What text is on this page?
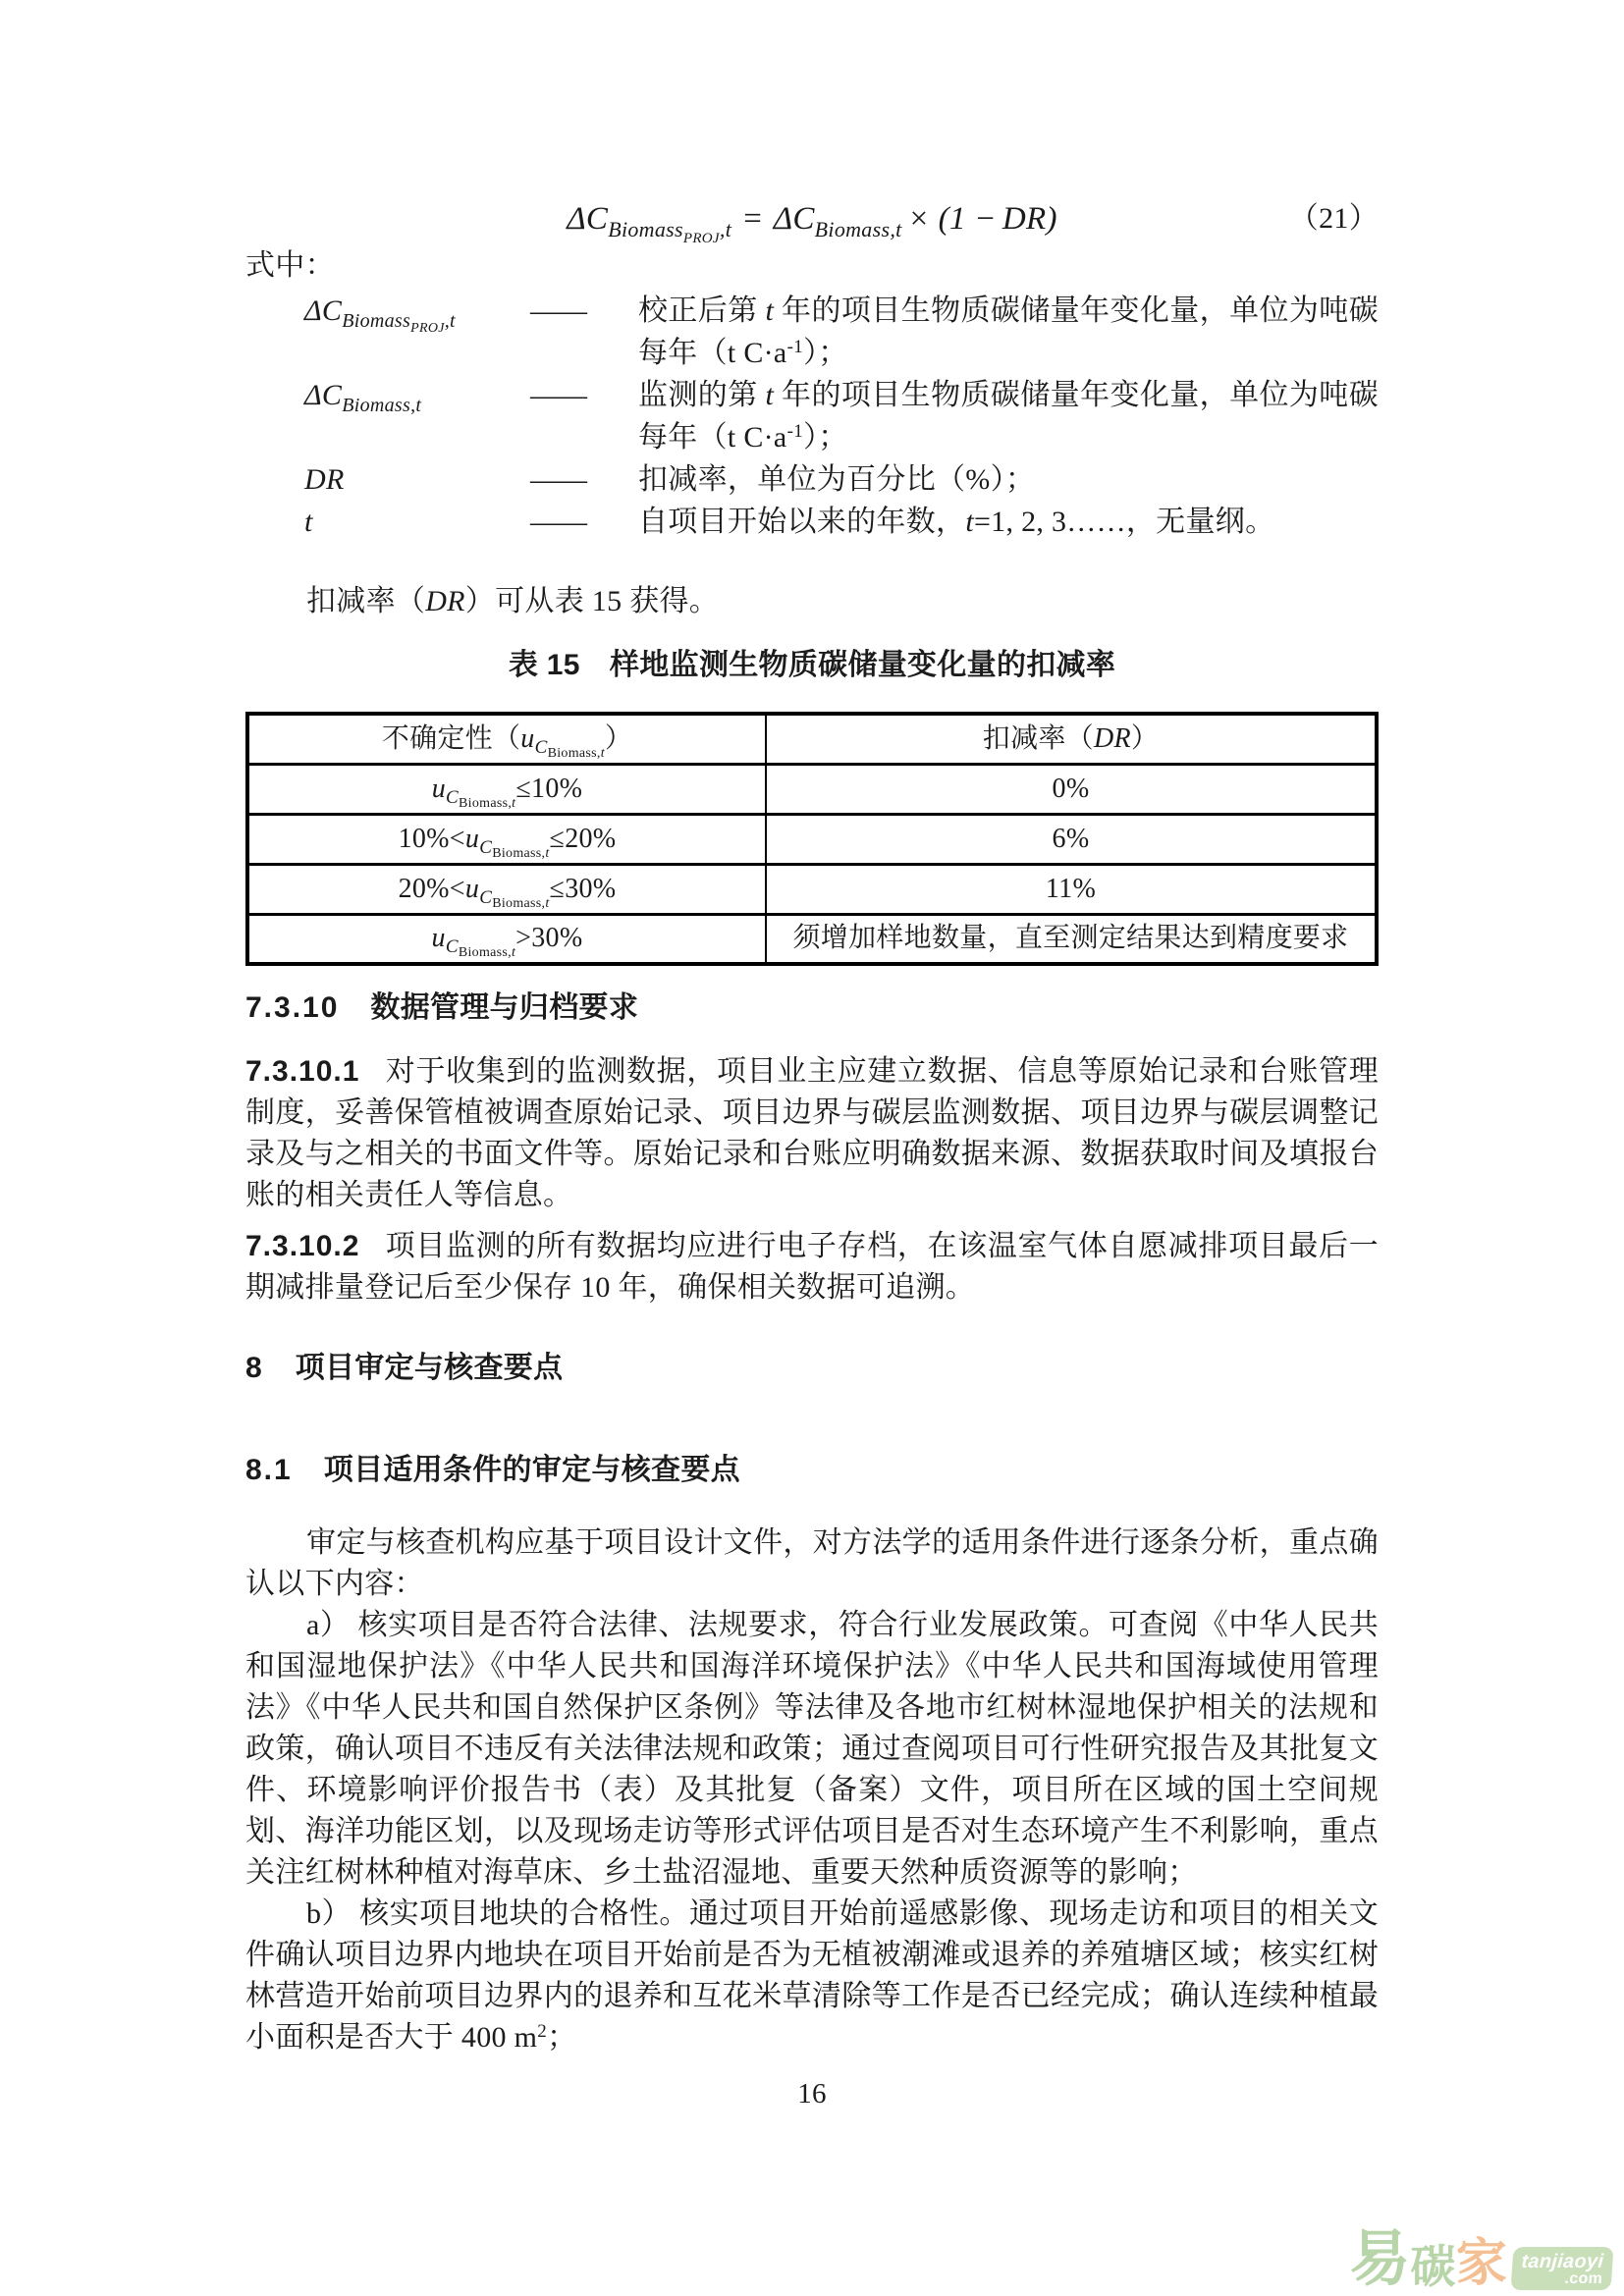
$\Delta C_{Biomass_{PROJ},t} = \Delta C_{Biomass,t} \times (1 - DR)$	（21）
式中：
$\Delta C_{Biomass_{PROJ},t}$	——	校正后第 t 年的项目生物质碳储量年变化量，单位为吨碳每年（t $C\cdot a^{-1}$）；
$\Delta C_{Biomass,t}$	——	监测的第 t 年的项目生物质碳储量年变化量，单位为吨碳每年（t $C\cdot a^{-1}$）；
DR	——	扣减率，单位为百分比（%）；
t	——	自项目开始以来的年数，t=1, 2, 3……，无量纲。

扣减率（DR）可从表 15 获得。

表 15　样地监测生物质碳储量变化量的扣减率
不确定性$(u_{C_{Biomass,t}})$	扣减率（DR）
$u_{C_{Biomass,t}}\le 10\%$	0%
$10\%<u_{C_{Biomass,t}}\le 20\%$	6%
$20\%<u_{C_{Biomass,t}}\le 30\%$	11%
$u_{C_{Biomass,t}}>30\%$	须增加样地数量，直至测定结果达到精度要求
7.3.10 数据管理与归档要求

7.3.10.1 对于收集到的监测数据，项目业主应建立数据、信息等原始记录和台账管理制度，妥善保管植被调查原始记录、项目边界与碳层监测数据、项目边界与碳层调整记录及与之相关的书面文件等。原始记录和台账应明确数据来源、数据获取时间及填报台账的相关责任人等信息。

7.3.10.2 项目监测的所有数据均应进行电子存档，在该温室气体自愿减排项目最后一期减排量登记后至少保存 10 年，确保相关数据可追溯。

8 项目审定与核查要点
8.1 项目适用条件的审定与核查要点

审定与核查机构应基于项目设计文件，对方法学的适用条件进行逐条分析，重点确认以下内容：

a） 核实项目是否符合法律、法规要求，符合行业发展政策。可查阅《中华人民共和国湿地保护法》《中华人民共和国海洋环境保护法》《中华人民共和国海域使用管理法》《中华人民共和国自然保护区条例》等法律及各地市红树林湿地保护相关的法规和政策，确认项目不违反有关法律法规和政策；通过查阅项目可行性研究报告及其批复文件、环境影响评价报告书（表）及其批复（备案）文件，项目所在区域的国土空间规划、海洋功能区划，以及现场走访等形式评估项目是否对生态环境产生不利影响，重点关注红树林种植对海草床、乡土盐沼湿地、重要天然种质资源等的影响；

b） 核实项目地块的合格性。通过项目开始前遥感影像、现场走访和项目的相关文件确认项目边界内地块在项目开始前是否为无植被潮滩或退养的养殖塘区域；核实红树林营造开始前项目边界内的退养和互花米草清除等工作是否已经完成；确认连续种植最小面积是否大于 400 $m^2$；

16
易 碳 家 tanjiaoyi
.com
